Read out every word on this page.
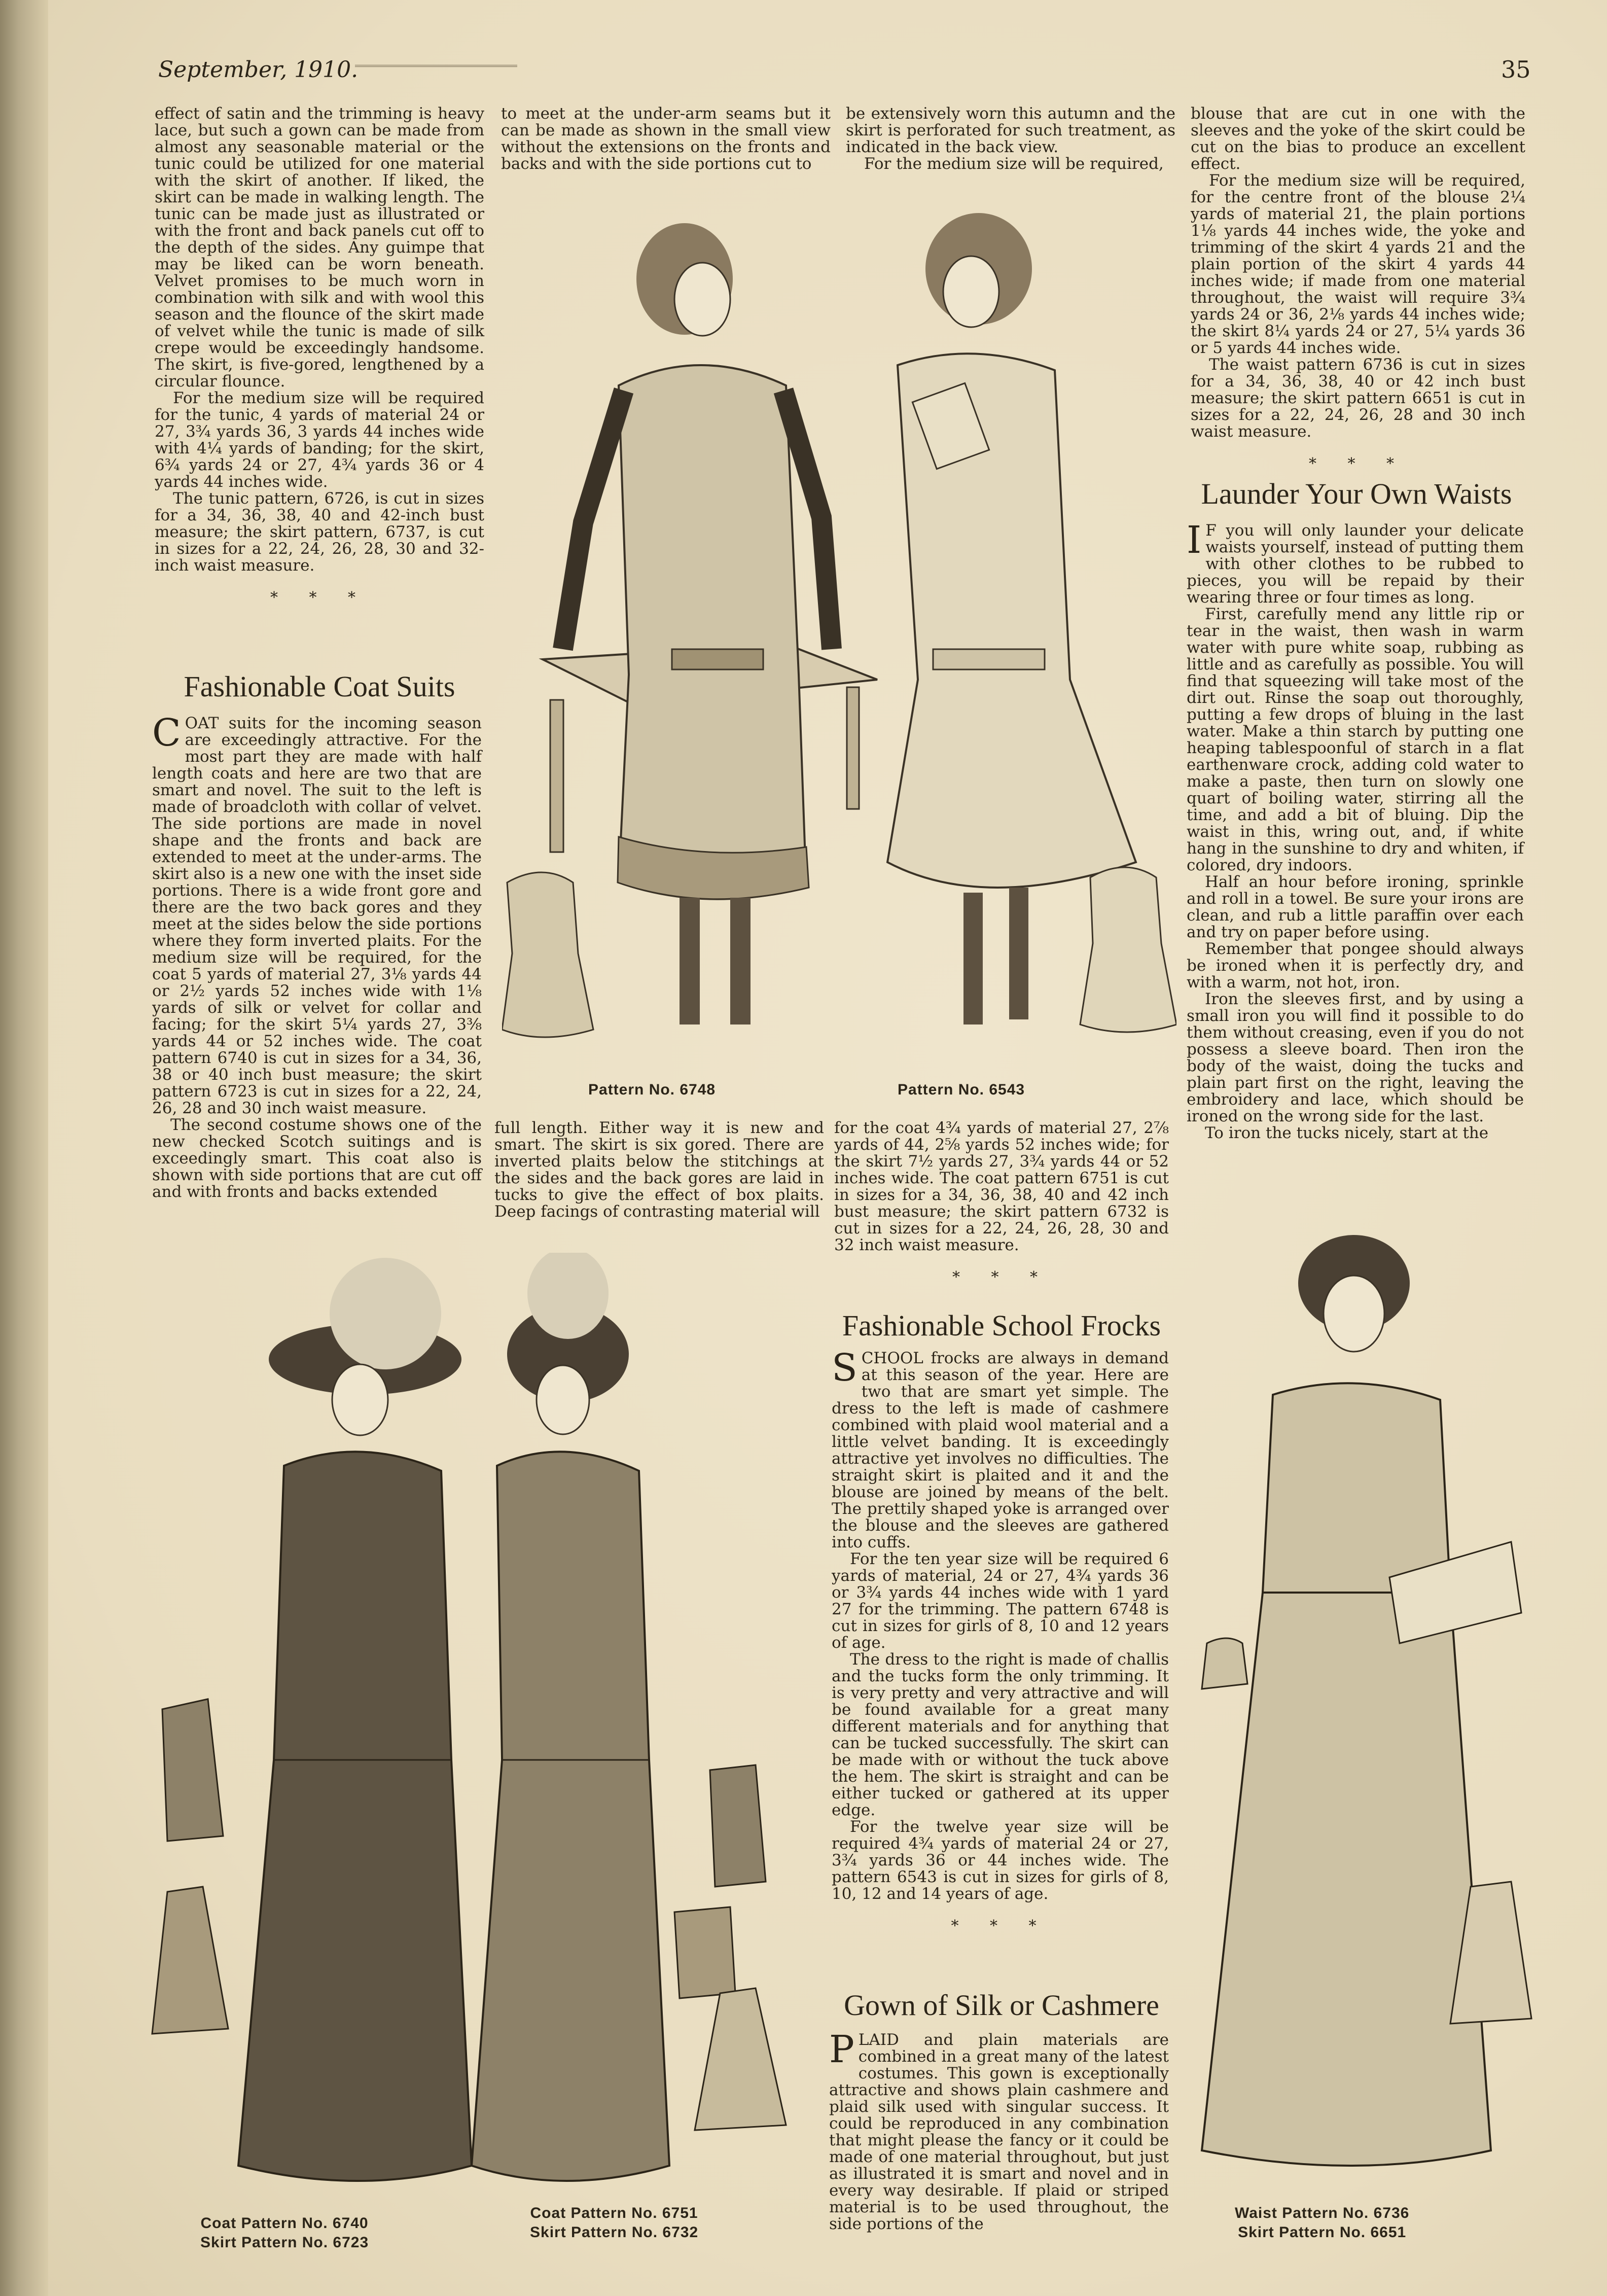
September, 1910.	35

effect of satin and the trimming is heavy lace, but such a gown can be made from almost any seasonable material or the tunic could be utilized for one material with the skirt of another. If liked, the skirt can be made in walking length. The tunic can be made just as illustrated or with the front and back panels cut off to the depth of the sides. Any guimpe that may be liked can be worn beneath. Velvet promises to be much worn in combination with silk and with wool this season and the flounce of the skirt made of velvet while the tunic is made of silk crepe would be exceedingly handsome. The skirt, is five-gored, lengthened by a circular flounce.

For the medium size will be required for the tunic, 4 yards of material 24 or 27, 3¾ yards 36, 3 yards 44 inches wide with 4¼ yards of banding; for the skirt, 6¾ yards 24 or 27, 4¾ yards 36 or 4 yards 44 inches wide.

The tunic pattern, 6726, is cut in sizes for a 34, 36, 38, 40 and 42-inch bust measure; the skirt pattern, 6737, is cut in sizes for a 22, 24, 26, 28, 30 and 32-inch waist measure.

* * *
Fashionable Coat Suits

COAT suits for the incoming season are exceedingly attractive. For the most part they are made with half length coats and here are two that are smart and novel. The suit to the left is made of broadcloth with collar of velvet. The side portions are made in novel shape and the fronts and back are extended to meet at the under-arms. The skirt also is a new one with the inset side portions. There is a wide front gore and there are the two back gores and they meet at the sides below the side portions where they form inverted plaits. For the medium size will be required, for the coat 5 yards of material 27, 3⅛ yards 44 or 2½ yards 52 inches wide with 1⅛ yards of silk or velvet for collar and facing; for the skirt 5¼ yards 27, 3⅜ yards 44 or 52 inches wide. The coat pattern 6740 is cut in sizes for a 34, 36, 38 or 40 inch bust measure; the skirt pattern 6723 is cut in sizes for a 22, 24, 26, 28 and 30 inch waist measure.

The second costume shows one of the new checked Scotch suitings and is exceedingly smart. This coat also is shown with side portions that are cut off and with fronts and backs extended

to meet at the under-arm seams but it can be made as shown in the small view without the extensions on the fronts and backs and with the side portions cut to

be extensively worn this autumn and the skirt is perforated for such treatment, as indicated in the back view.

For the medium size will be required,

blouse that are cut in one with the sleeves and the yoke of the skirt could be cut on the bias to produce an excellent effect.

For the medium size will be required, for the centre front of the blouse 2¼ yards of material 21, the plain portions 1⅛ yards 44 inches wide, the yoke and trimming of the skirt 4 yards 21 and the plain portion of the skirt 4 yards 44 inches wide; if made from one material throughout, the waist will require 3¾ yards 24 or 36, 2⅛ yards 44 inches wide; the skirt 8¼ yards 24 or 27, 5¼ yards 36 or 5 yards 44 inches wide.

The waist pattern 6736 is cut in sizes for a 34, 36, 38, 40 or 42 inch bust measure; the skirt pattern 6651 is cut in sizes for a 22, 24, 26, 28 and 30 inch waist measure.

* * *
Launder Your Own Waists

I F you will only launder your delicate waists yourself, instead of putting them with other clothes to be rubbed to pieces, you will be repaid by their wearing three or four times as long.

First, carefully mend any little rip or tear in the waist, then wash in warm water with pure white soap, rubbing as little and as carefully as possible. You will find that squeezing will take most of the dirt out. Rinse the soap out thoroughly, putting a few drops of bluing in the last water. Make a thin starch by putting one heaping tablespoonful of starch in a flat earthenware crock, adding cold water to make a paste, then turn on slowly one quart of boiling water, stirring all the time, and add a bit of bluing. Dip the waist in this, wring out, and, if white hang in the sunshine to dry and whiten, if colored, dry indoors.

Half an hour before ironing, sprinkle and roll in a towel. Be sure your irons are clean, and rub a little paraffin over each and try on paper before using.

Remember that pongee should always be ironed when it is perfectly dry, and with a warm, not hot, iron.

Iron the sleeves first, and by using a small iron you will find it possible to do them without creasing, even if you do not possess a sleeve board. Then iron the body of the waist, doing the tucks and plain part first on the right, leaving the embroidery and lace, which should be ironed on the wrong side for the last.

To iron the tucks nicely, start at the

Pattern No. 6748	Pattern No. 6543

full length. Either way it is new and smart. The skirt is six gored. There are inverted plaits below the stitchings at the sides and the back gores are laid in tucks to give the effect of box plaits. Deep facings of contrasting material will

for the coat 4¾ yards of material 27, 2⅞ yards of 44, 2⅝ yards 52 inches wide; for the skirt 7½ yards 27, 3¾ yards 44 or 52 inches wide. The coat pattern 6751 is cut in sizes for a 34, 36, 38, 40 and 42 inch bust measure; the skirt pattern 6732 is cut in sizes for a 22, 24, 26, 28, 30 and 32 inch waist measure.

* * *
Fashionable School Frocks

SCHOOL frocks are always in demand at this season of the year. Here are two that are smart yet simple. The dress to the left is made of cashmere combined with plaid wool material and a little velvet banding. It is exceedingly attractive yet involves no difficulties. The straight skirt is plaited and it and the blouse are joined by means of the belt. The prettily shaped yoke is arranged over the blouse and the sleeves are gathered into cuffs.

For the ten year size will be required 6 yards of material, 24 or 27, 4¾ yards 36 or 3¾ yards 44 inches wide with 1 yard 27 for the trimming. The pattern 6748 is cut in sizes for girls of 8, 10 and 12 years of age.

The dress to the right is made of challis and the tucks form the only trimming. It is very pretty and very attractive and will be found available for a great many different materials and for anything that can be tucked successfully. The skirt can be made with or without the tuck above the hem. The skirt is straight and can be either tucked or gathered at its upper edge.

For the twelve year size will be required 4¾ yards of material 24 or 27, 3¾ yards 36 or 44 inches wide. The pattern 6543 is cut in sizes for girls of 8, 10, 12 and 14 years of age.

* * *
Gown of Silk or Cashmere

PLAID and plain materials are combined in a great many of the latest costumes. This gown is exceptionally attractive and shows plain cashmere and plaid silk used with singular success. It could be reproduced in any combination that might please the fancy or it could be made of one material throughout, but just as illustrated it is smart and novel and in every way desirable. If plaid or striped material is to be used throughout, the side portions of the

Coat Pattern No. 6740
Skirt Pattern No. 6723
Coat Pattern No. 6751
Skirt Pattern No. 6732
Waist Pattern No. 6736
Skirt Pattern No. 6651
